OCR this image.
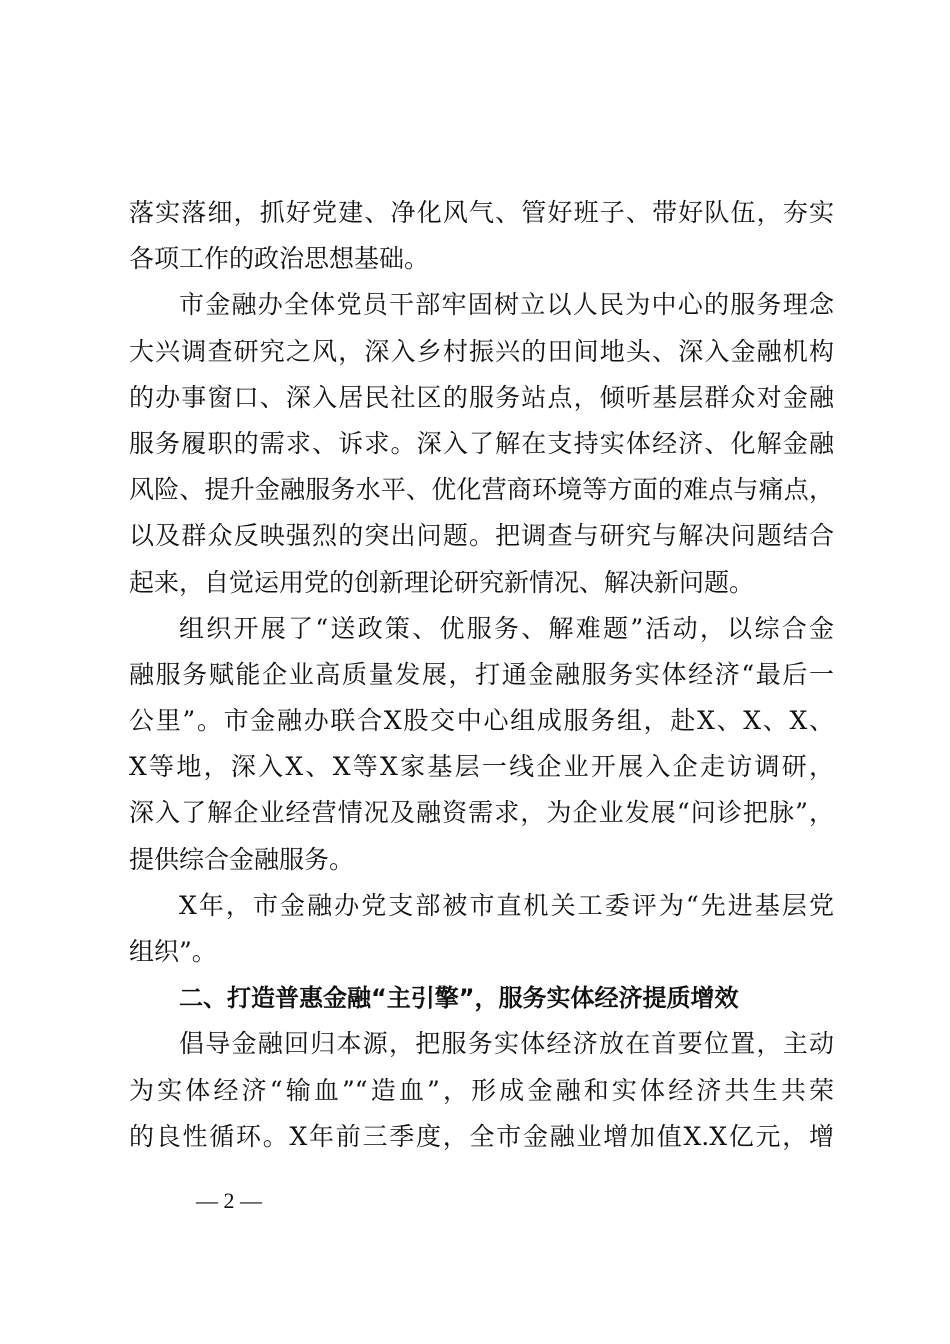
落实落细，抓好党建、净化风气、管好班子、带好队伍，夯实
各项工作的政治思想基础。
市金融办全体党员干部牢固树立以人民为中心的服务理念
大兴调查研究之风，深入乡村振兴的田间地头、深入金融机构
的办事窗口、深入居民社区的服务站点，倾听基层群众对金融
服务履职的需求、诉求。深入了解在支持实体经济、化解金融
风险、提升金融服务水平、优化营商环境等方面的难点与痛点，
以及群众反映强烈的突出问题。把调查与研究与解决问题结合
起来，自觉运用党的创新理论研究新情况、解决新问题。
组织开展了“送政策、优服务、解难题”活动，以综合金
融服务赋能企业高质量发展，打通金融服务实体经济“最后一
公里”。市金融办联合X股交中心组成服务组，赴X、X、X、
X等地，深入X、X等X家基层一线企业开展入企走访调研，
深入了解企业经营情况及融资需求，为企业发展“问诊把脉”，
提供综合金融服务。
X年，市金融办党支部被市直机关工委评为“先进基层党
组织”。
二、打造普惠金融“主引擎”，服务实体经济提质增效
倡导金融回归本源，把服务实体经济放在首要位置，主动
为实体经济“输血”“造血”，形成金融和实体经济共生共荣
的良性循环。X年前三季度，全市金融业增加值X.X亿元，增
— 2 —
